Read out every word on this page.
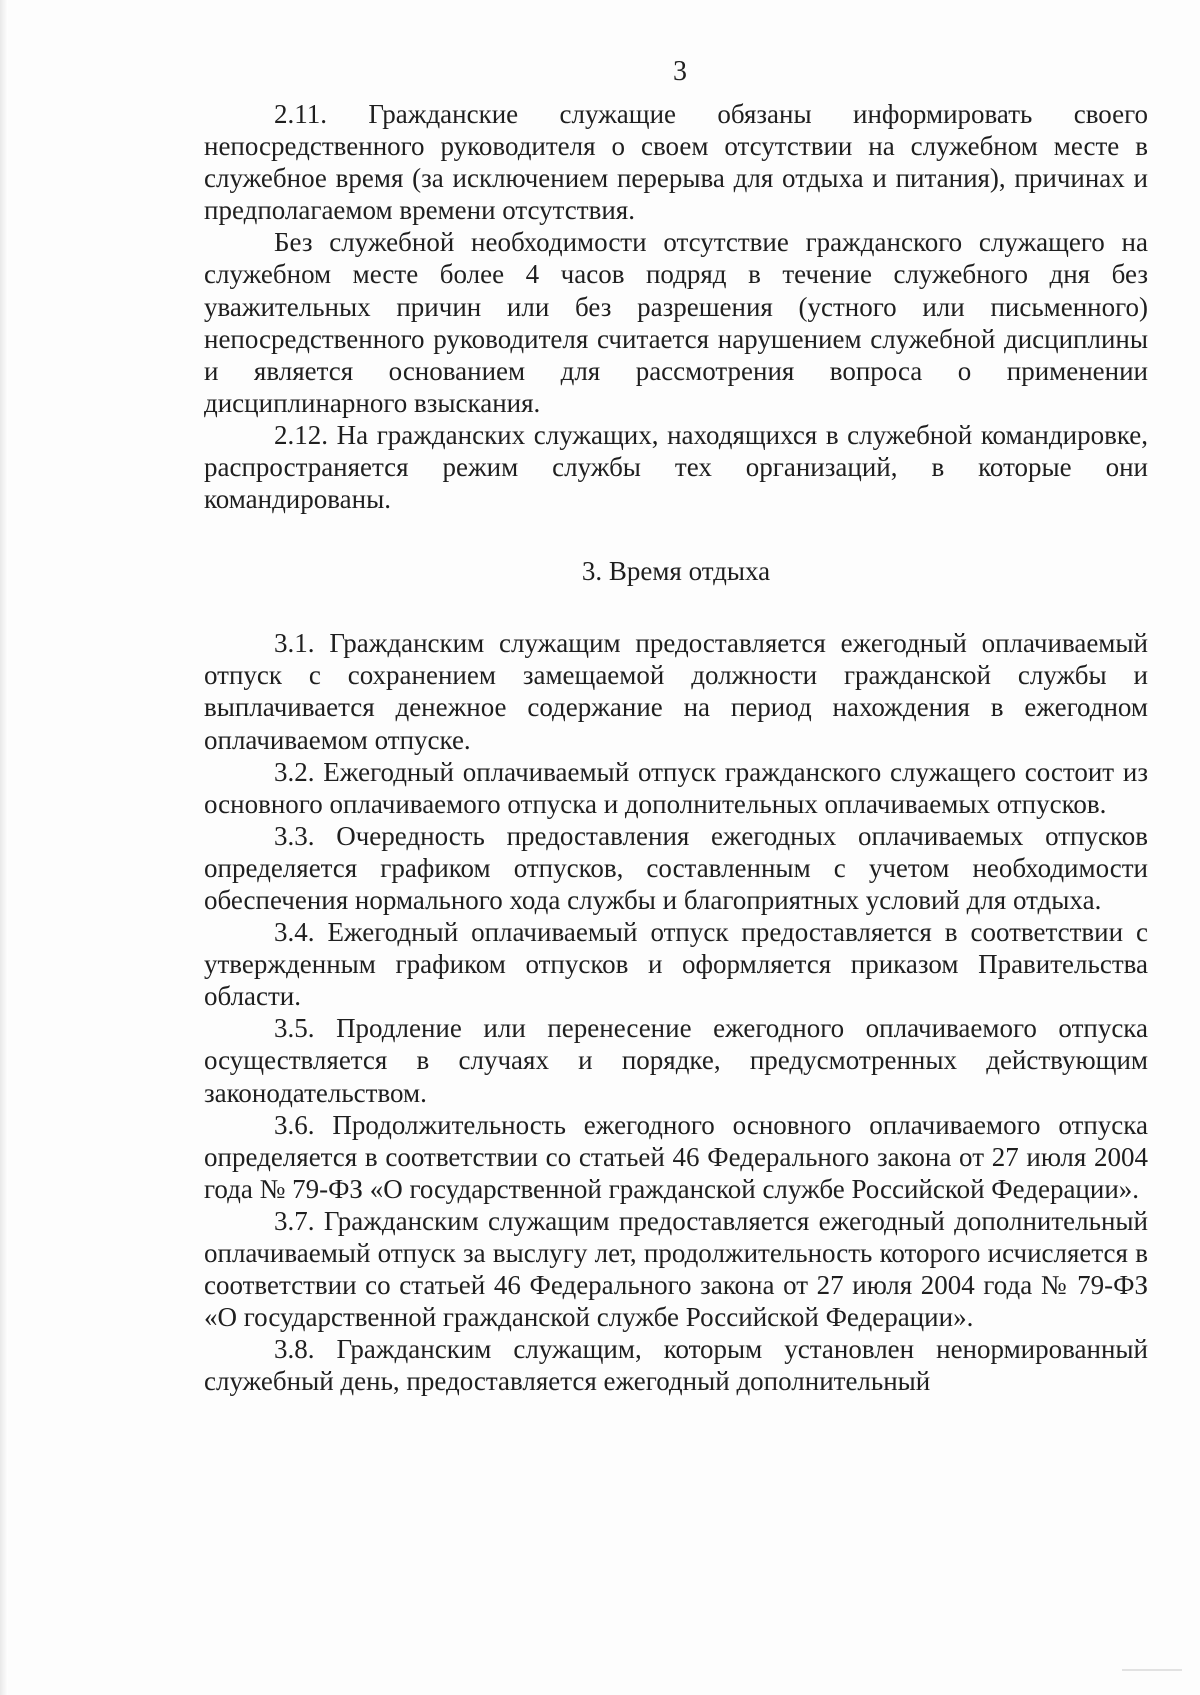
3

2.11. Гражданские служащие обязаны информировать своего непосредственного руководителя о своем отсутствии на служебном месте в служебное время (за исключением перерыва для отдыха и питания), причинах и предполагаемом времени отсутствия.

Без служебной необходимости отсутствие гражданского служащего на служебном месте более 4 часов подряд в течение служебного дня без уважительных причин или без разрешения (устного или письменного) непосредственного руководителя считается нарушением служебной дисциплины и является основанием для рассмотрения вопроса о применении дисциплинарного взыскания.

2.12. На гражданских служащих, находящихся в служебной командировке, распространяется режим службы тех организаций, в которые они командированы.

3. Время отдыха

3.1. Гражданским служащим предоставляется ежегодный оплачиваемый отпуск с сохранением замещаемой должности гражданской службы и выплачивается денежное содержание на период нахождения в ежегодном оплачиваемом отпуске.

3.2. Ежегодный оплачиваемый отпуск гражданского служащего состоит из основного оплачиваемого отпуска и дополнительных оплачиваемых отпусков.

3.3. Очередность предоставления ежегодных оплачиваемых отпусков определяется графиком отпусков, составленным с учетом необходимости обеспечения нормального хода службы и благоприятных условий для отдыха.

3.4. Ежегодный оплачиваемый отпуск предоставляется в соответствии с утвержденным графиком отпусков и оформляется приказом Правительства области.

3.5. Продление или перенесение ежегодного оплачиваемого отпуска осуществляется в случаях и порядке, предусмотренных действующим законодательством.

3.6. Продолжительность ежегодного основного оплачиваемого отпуска определяется в соответствии со статьей 46 Федерального закона от 27 июля 2004 года № 79-ФЗ «О государственной гражданской службе Российской Федерации».

3.7. Гражданским служащим предоставляется ежегодный дополнительный оплачиваемый отпуск за выслугу лет, продолжительность которого исчисляется в соответствии со статьей 46 Федерального закона от 27 июля 2004 года № 79-ФЗ «О государственной гражданской службе Российской Федерации».

3.8. Гражданским служащим, которым установлен ненормированный служебный день, предоставляется ежегодный дополнительный
